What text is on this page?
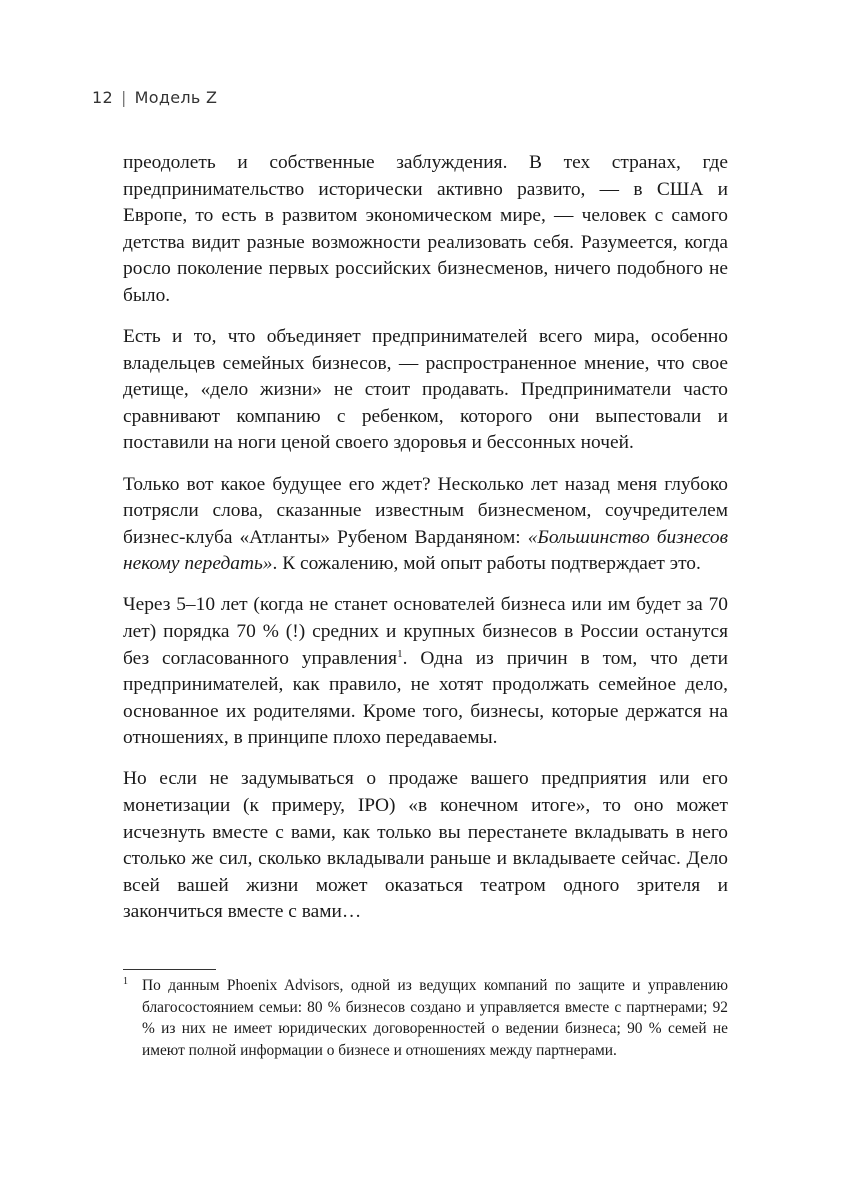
12 | Модель Z

преодолеть и собственные заблуждения. В тех странах, где предпринимательство исторически активно развито, — в США и Европе, то есть в развитом экономическом мире, — человек с самого детства видит разные возможности реализовать себя. Разумеется, когда росло поколение первых российских бизнесменов, ничего подобного не было.

Есть и то, что объединяет предпринимателей всего мира, особенно владельцев семейных бизнесов, — распространенное мнение, что свое детище, «дело жизни» не стоит продавать. Предприниматели часто сравнивают компанию с ребенком, которого они выпестовали и поставили на ноги ценой своего здоровья и бессонных ночей.

Только вот какое будущее его ждет? Несколько лет назад меня глубоко потрясли слова, сказанные известным бизнесменом, соучредителем бизнес-клуба «Атланты» Рубеном Варданяном: «Большинство бизнесов некому передать». К сожалению, мой опыт работы подтверждает это.

Через 5–10 лет (когда не станет основателей бизнеса или им будет за 70 лет) порядка 70 % (!) средних и крупных бизнесов в России останутся без согласованного управления$^1$. Одна из причин в том, что дети предпринимателей, как правило, не хотят продолжать семейное дело, основанное их родителями. Кроме того, бизнесы, которые держатся на отношениях, в принципе плохо передаваемы.

Но если не задумываться о продаже вашего предприятия или его монетизации (к примеру, IPO) «в конечном итоге», то оно может исчезнуть вместе с вами, как только вы перестанете вкладывать в него столько же сил, сколько вкладывали раньше и вкладываете сейчас. Дело всей вашей жизни может оказаться театром одного зрителя и закончиться вместе с вами…

1 По данным Phoenix Advisors, одной из ведущих компаний по защите и управлению благосостоянием семьи: 80 % бизнесов создано и управляется вместе с партнерами; 92 % из них не имеет юридических договоренностей о ведении бизнеса; 90 % семей не имеют полной информации о бизнесе и отношениях между партнерами.
